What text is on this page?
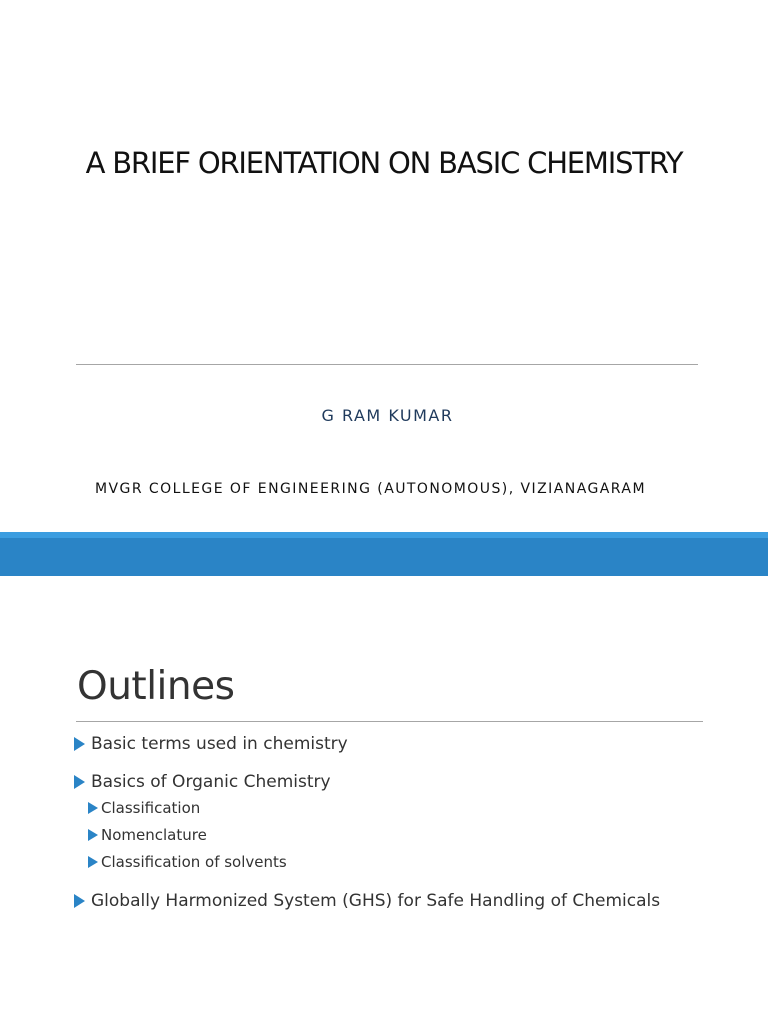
A BRIEF ORIENTATION ON BASIC CHEMISTRY
G RAM KUMAR
MVGR COLLEGE OF ENGINEERING (AUTONOMOUS), VIZIANAGARAM
Outlines
Basic terms used in chemistry
Basics of Organic Chemistry
Classification
Nomenclature
Classification of solvents
Globally Harmonized System (GHS) for Safe Handling of Chemicals
